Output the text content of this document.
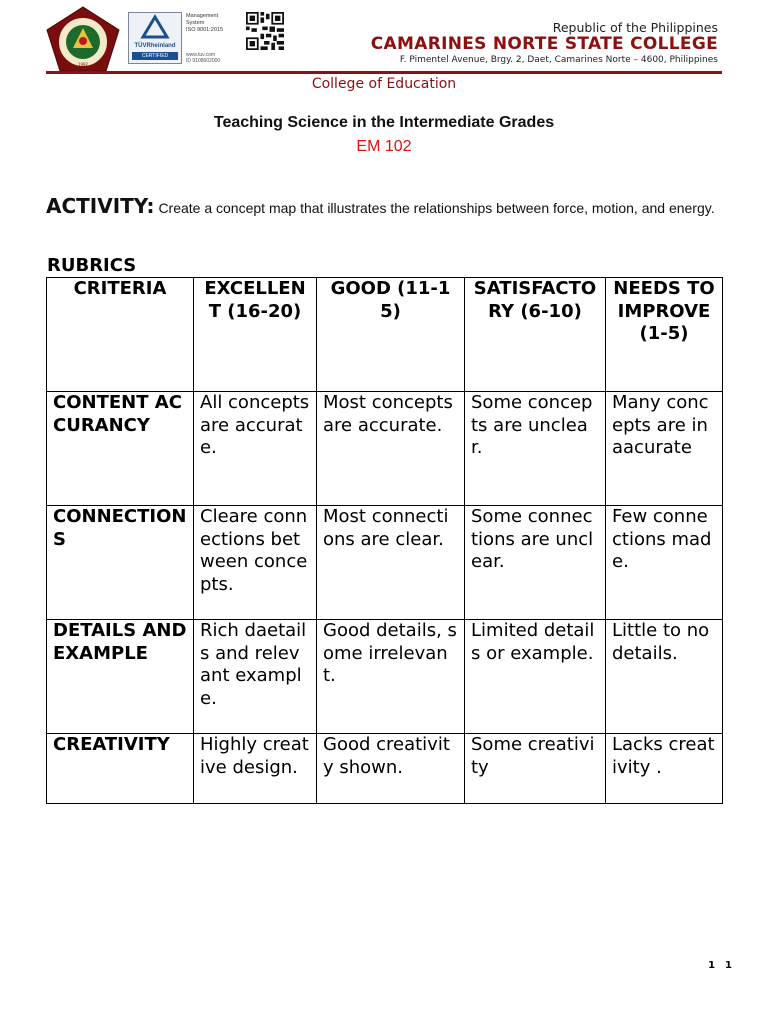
1992
TÜVRheinland
CERTIFIED
Management
System
ISO 9001:2015
www.tuv.com
ID 9108602000
Republic of the Philippines
CAMARINES NORTE STATE COLLEGE
F. Pimentel Avenue, Brgy. 2, Daet, Camarines Norte – 4600, Philippines
College of Education
Teaching Science in the Intermediate Grades
EM 102
ACTIVITY: Create a concept map that illustrates the relationships between force, motion, and energy.
RUBRICS
CRITERIA	EXCELLENT (16-20)	GOOD (11-15)	SATISFACTORY (6-10)	NEEDS TO IMPROVE (1-5)
CONTENT ACCURANCY	All concepts are accurate.	Most concepts are accurate.	Some concepts are unclear.	Many concepts are inaacurate
CONNECTIONS	Cleare connections between concepts.	Most connections are clear.	Some connections are unclear.	Few connections made.
DETAILS AND EXAMPLE	Rich daetails and relevant example.	Good details, some irrelevant.	Limited details or example.	Little to no details.
CREATIVITY	Highly creative design.	Good creativity shown.	Some creativity	Lacks creativity .
11
